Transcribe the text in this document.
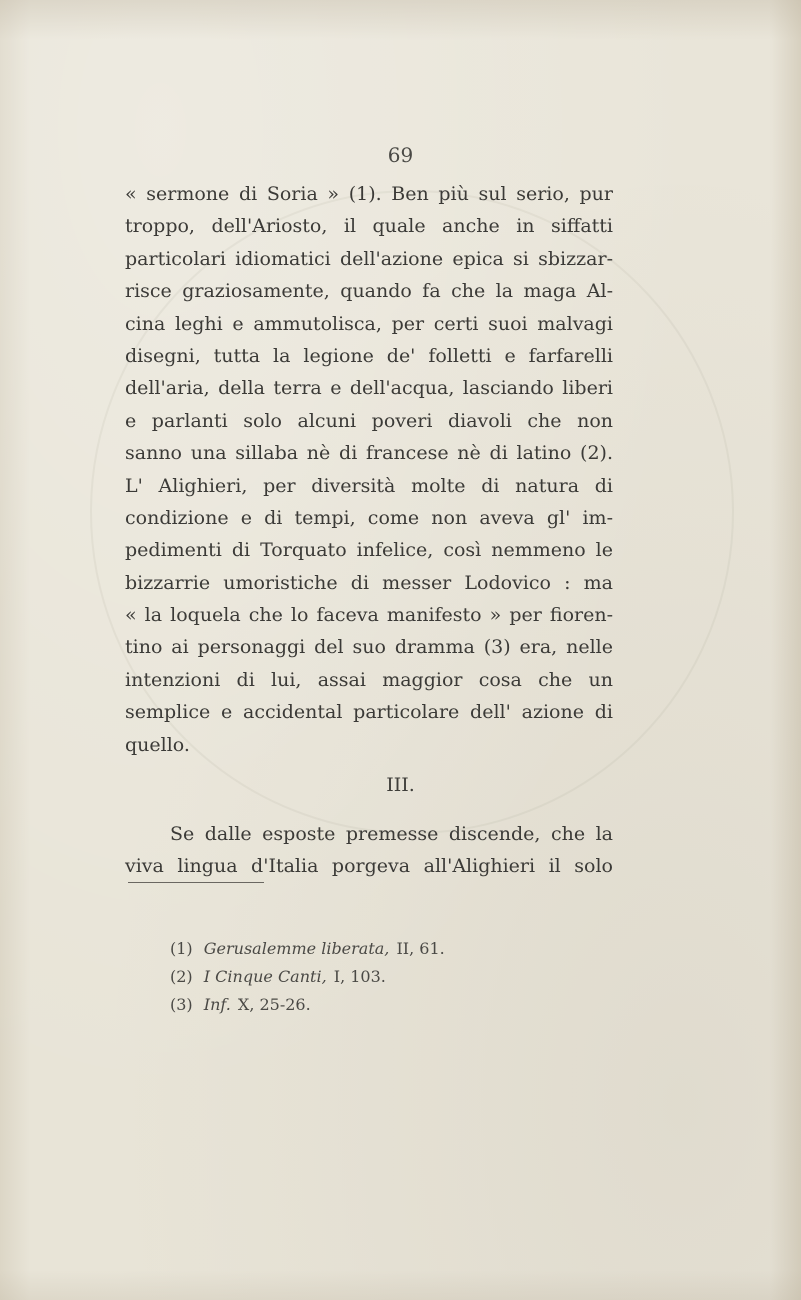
69
« sermone di Soria » (1). Ben più sul serio, pur
troppo, dell'Ariosto, il quale anche in siffatti
particolari idiomatici dell'azione epica si sbizzar-
risce graziosamente, quando fa che la maga Al-
cina leghi e ammutolisca, per certi suoi malvagi
disegni, tutta la legione de' folletti e farfarelli
dell'aria, della terra e dell'acqua, lasciando liberi
e parlanti solo alcuni poveri diavoli che non
sanno una sillaba nè di francese nè di latino (2).
L' Alighieri, per diversità molte di natura di
condizione e di tempi, come non aveva gl' im-
pedimenti di Torquato infelice, così nemmeno le
bizzarrie umoristiche di messer Lodovico : ma
« la loquela che lo faceva manifesto » per fioren-
tino ai personaggi del suo dramma (3) era, nelle
intenzioni di lui, assai maggior cosa che un
semplice e accidental particolare dell' azione di
quello.
III.
Se dalle esposte premesse discende, che la
viva lingua d'Italia porgeva all'Alighieri il solo
(1) Gerusalemme liberata, II, 61.
(2) I Cinque Canti, I, 103.
(3) Inf. X, 25-26.
